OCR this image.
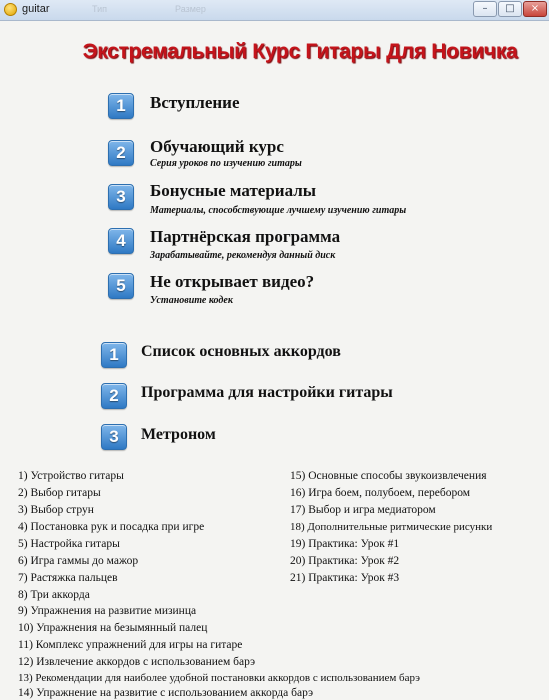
guitar	Тип	Размер	–	□	×
Экстремальный Курс Гитары Для Новичка
1	Вступление
2	Обучающий курс
Серия уроков по изучению гитары
3	Бонусные материалы
Материалы, способствующие лучшему изучению гитары
4	Партнёрская программа
Зарабатывайте, рекомендуя данный диск
5	Не открывает видео?
Установите кодек
1	Список основных аккордов
2	Программа для настройки гитары
3	Метроном
1) Устройство гитары
2) Выбор гитары
3) Выбор струн
4) Постановка рук и посадка при игре
5) Настройка гитары
6) Игра гаммы до мажор
7) Растяжка пальцев
8) Три аккорда
9) Упражнения на развитие мизинца
10) Упражнения на безымянный палец
11) Комплекс упражнений для игры на гитаре
12) Извлечение аккордов с использованием барэ
13) Рекомендации для наиболее удобной постановки аккордов с использованием барэ
14) Упражнение на развитие с использованием аккорда барэ
15) Основные способы звукоизвлечения
16) Игра боем, полубоем, перебором
17) Выбор и игра медиатором
18) Дополнительные ритмические рисунки
19) Практика: Урок #1
20) Практика: Урок #2
21) Практика: Урок #3
